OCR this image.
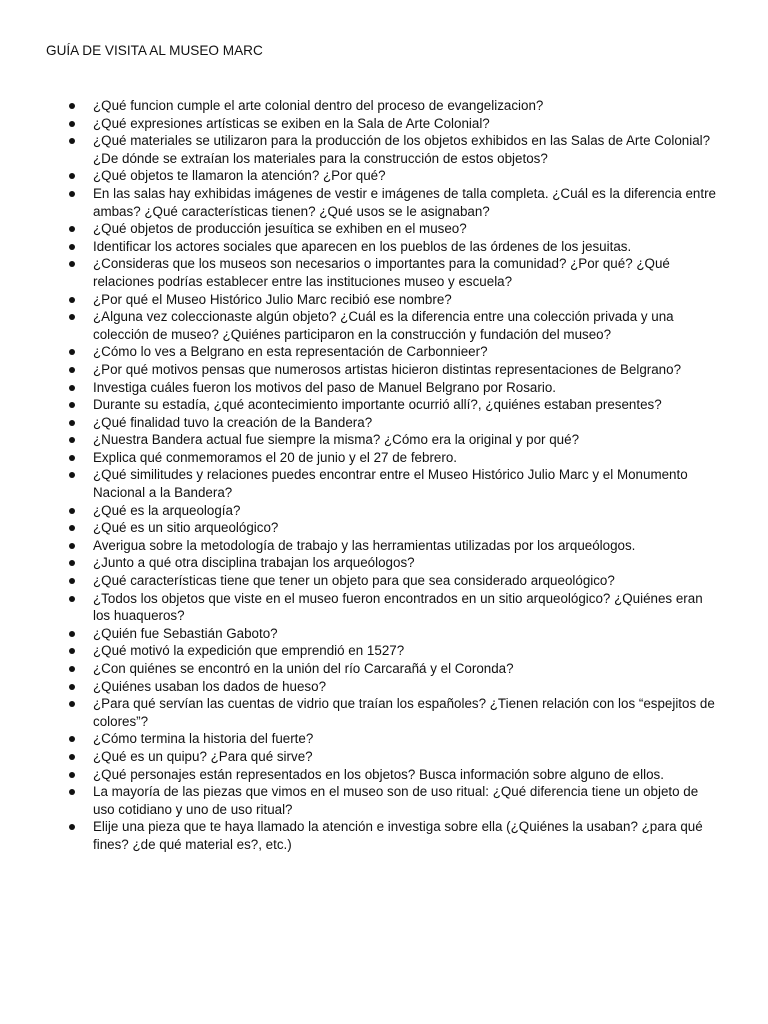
GUÍA DE VISITA AL MUSEO MARC
¿Qué funcion cumple el arte colonial dentro del proceso de evangelizacion?
¿Qué expresiones artísticas se exiben en la Sala de Arte Colonial?
¿Qué materiales se utilizaron para la producción de los objetos exhibidos en las Salas de Arte Colonial? ¿De dónde se extraían los materiales para la construcción de estos objetos?
¿Qué objetos te llamaron la atención? ¿Por qué?
En las salas hay exhibidas imágenes de vestir e imágenes de talla completa. ¿Cuál es la diferencia entre ambas? ¿Qué características tienen? ¿Qué usos se le asignaban?
¿Qué objetos de producción jesuítica se exhiben en el museo?
Identificar los actores sociales que aparecen en los pueblos de las órdenes de los jesuitas.
¿Consideras que los museos son necesarios o importantes para la comunidad? ¿Por qué? ¿Qué relaciones podrías establecer entre las instituciones museo y escuela?
¿Por qué el Museo Histórico Julio Marc recibió ese nombre?
¿Alguna vez coleccionaste algún objeto? ¿Cuál es la diferencia entre una colección privada y una colección de museo? ¿Quiénes participaron en la construcción y fundación del museo?
¿Cómo lo ves a Belgrano en esta representación de Carbonnieer?
¿Por qué motivos pensas que numerosos artistas hicieron distintas representaciones de Belgrano?
Investiga cuáles fueron los motivos del paso de Manuel Belgrano por Rosario.
Durante su estadía, ¿qué acontecimiento importante ocurrió allí?, ¿quiénes estaban presentes?
¿Qué finalidad tuvo la creación de la Bandera?
¿Nuestra Bandera actual fue siempre la misma? ¿Cómo era la original y por qué?
Explica qué conmemoramos el 20 de junio y el 27 de febrero.
¿Qué similitudes y relaciones puedes encontrar entre el Museo Histórico Julio Marc y el Monumento Nacional a la Bandera?
¿Qué es la arqueología?
¿Qué es un sitio arqueológico?
Averigua sobre la metodología de trabajo y las herramientas utilizadas por los arqueólogos.
¿Junto a qué otra disciplina trabajan los arqueólogos?
¿Qué características tiene que tener un objeto para que sea considerado arqueológico?
¿Todos los objetos que viste en el museo fueron encontrados en un sitio arqueológico? ¿Quiénes eran los huaqueros?
¿Quién fue Sebastián Gaboto?
¿Qué motivó la expedición que emprendió en 1527?
¿Con quiénes se encontró en la unión del río Carcarañá y el Coronda?
¿Quiénes usaban los dados de hueso?
¿Para qué servían las cuentas de vidrio que traían los españoles? ¿Tienen relación con los “espejitos de colores”?
¿Cómo termina la historia del fuerte?
¿Qué es un quipu? ¿Para qué sirve?
¿Qué personajes están representados en los objetos? Busca información sobre alguno de ellos.
La mayoría de las piezas que vimos en el museo son de uso ritual: ¿Qué diferencia tiene un objeto de uso cotidiano y uno de uso ritual?
Elije una pieza que te haya llamado la atención e investiga sobre ella (¿Quiénes la usaban? ¿para qué fines? ¿de qué material es?, etc.)
